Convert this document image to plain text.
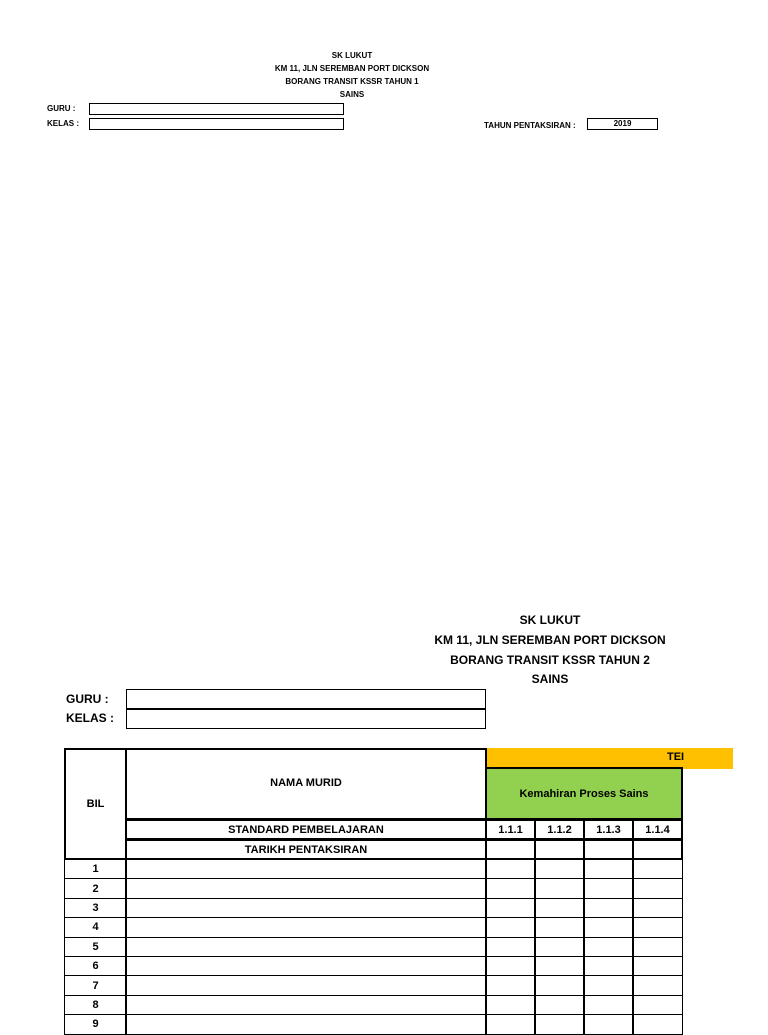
SK LUKUT
KM 11, JLN SEREMBAN PORT DICKSON
BORANG TRANSIT KSSR TAHUN 1
SAINS
GURU :
KELAS :	TAHUN PENTAKSIRAN :	2019
SK LUKUT
KM 11, JLN SEREMBAN PORT DICKSON
BORANG TRANSIT KSSR TAHUN 2
SAINS
GURU :
KELAS :
TEI
BIL
NAMA MURID
Kemahiran Proses Sains
STANDARD PEMBELAJARAN	1.1.1	1.1.2	1.1.3	1.1.4
TARIKH PENTAKSIRAN
1
2
3
4
5
6
7
8
9
